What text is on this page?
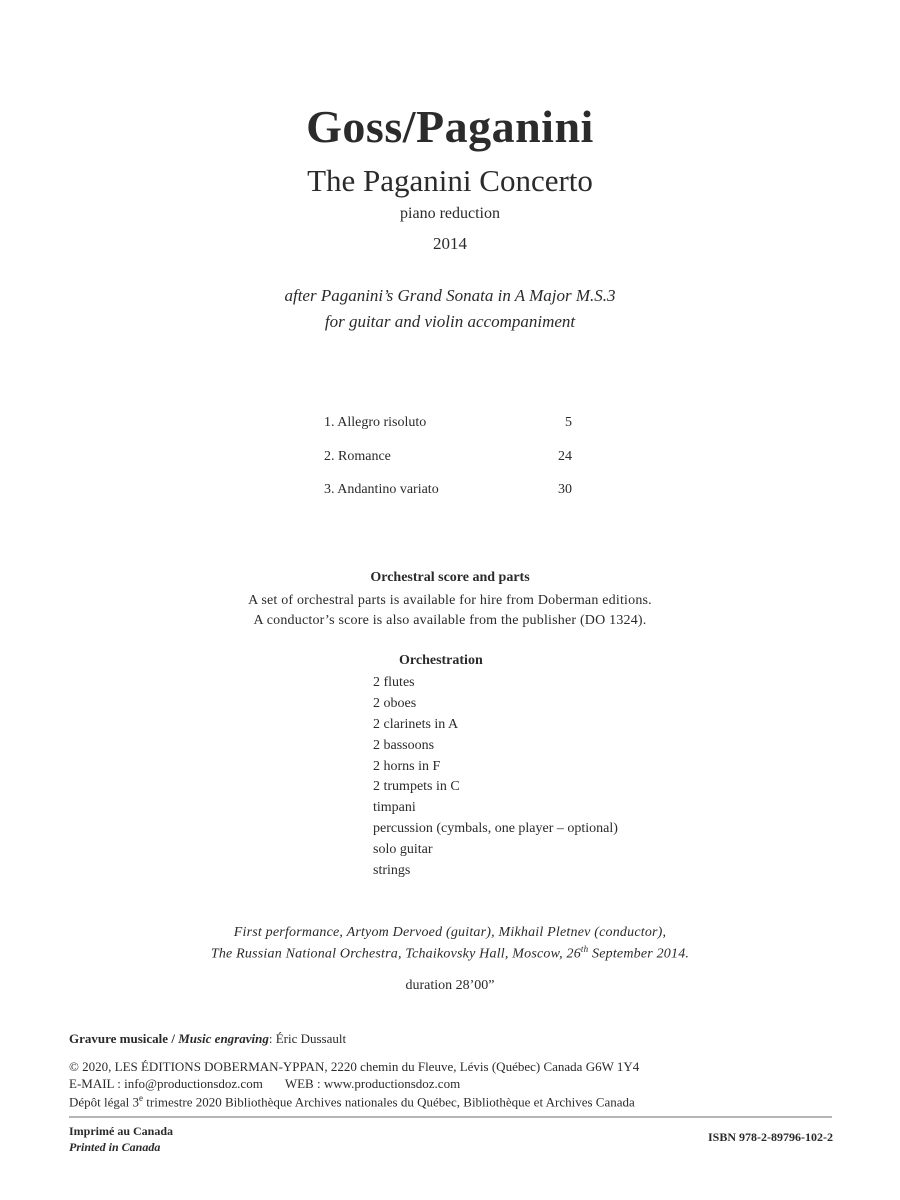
Goss/Paganini
The Paganini Concerto
piano reduction
2014
after Paganini’s Grand Sonata in A Major M.S.3
for guitar and violin accompaniment
1. Allegro risoluto	5
2. Romance	24
3. Andantino variato	30
Orchestral score and parts
A set of orchestral parts is available for hire from Doberman editions.
A conductor’s score is also available from the publisher (DO 1324).
Orchestration
2 flutes
2 oboes
2 clarinets in A
2 bassoons
2 horns in F
2 trumpets in C
timpani
percussion (cymbals, one player – optional)
solo guitar
strings
First performance, Artyom Dervoed (guitar), Mikhail Pletnev (conductor),
The Russian National Orchestra, Tchaikovsky Hall, Moscow, 26th September 2014.
duration 28’00”
Gravure musicale / Music engraving: Éric Dussault
© 2020, LES ÉDITIONS DOBERMAN-YPPAN, 2220 chemin du Fleuve, Lévis (Québec) Canada G6W 1Y4
E-MAIL : info@productionsdoz.com WEB : www.productionsdoz.com
Dépôt légal 3e trimestre 2020 Bibliothèque Archives nationales du Québec, Bibliothèque et Archives Canada
Imprimé au Canada
Printed in Canada
ISBN 978-2-89796-102-2
